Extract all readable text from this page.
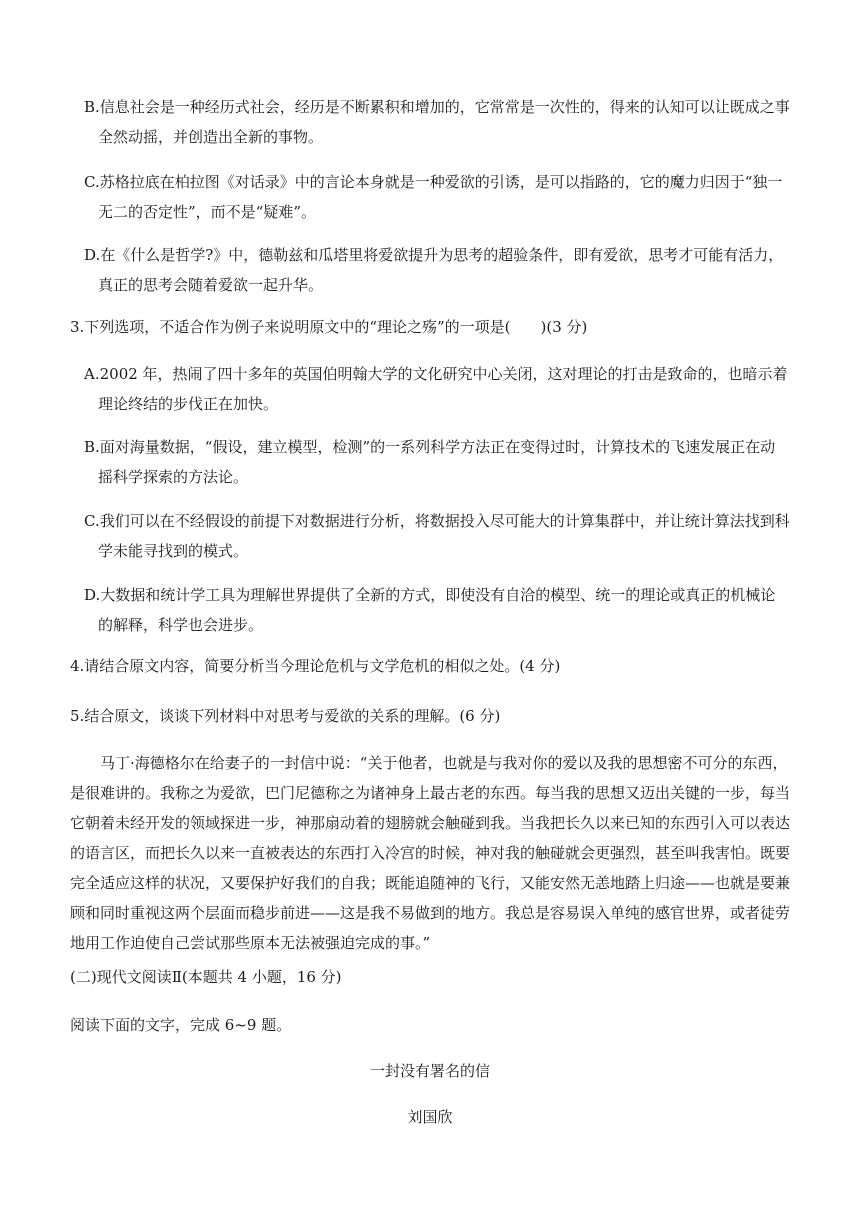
B.信息社会是一种经历式社会，经历是不断累积和增加的，它常常是一次性的，得来的认知可以让既成之事全然动摇，并创造出全新的事物。

C.苏格拉底在柏拉图《对话录》中的言论本身就是一种爱欲的引诱，是可以指路的，它的魔力归因于“独一无二的否定性”，而不是“疑难”。

D.在《什么是哲学?》中，德勒兹和瓜塔里将爱欲提升为思考的超验条件，即有爱欲，思考才可能有活力，真正的思考会随着爱欲一起升华。

3.下列选项，不适合作为例子来说明原文中的“理论之殇”的一项是(　　)(3 分)

A.2002 年，热闹了四十多年的英国伯明翰大学的文化研究中心关闭，这对理论的打击是致命的，也暗示着理论终结的步伐正在加快。

B.面对海量数据，“假设，建立模型，检测”的一系列科学方法正在变得过时，计算技术的飞速发展正在动摇科学探索的方法论。

C.我们可以在不经假设的前提下对数据进行分析，将数据投入尽可能大的计算集群中，并让统计算法找到科学未能寻找到的模式。

D.大数据和统计学工具为理解世界提供了全新的方式，即使没有自洽的模型、统一的理论或真正的机械论的解释，科学也会进步。

4.请结合原文内容，简要分析当今理论危机与文学危机的相似之处。(4 分)

5.结合原文，谈谈下列材料中对思考与爱欲的关系的理解。(6 分)

马丁·海德格尔在给妻子的一封信中说：“关于他者，也就是与我对你的爱以及我的思想密不可分的东西，是很难讲的。我称之为爱欲，巴门尼德称之为诸神身上最古老的东西。每当我的思想又迈出关键的一步，每当它朝着未经开发的领域探进一步，神那扇动着的翅膀就会触碰到我。当我把长久以来已知的东西引入可以表达的语言区，而把长久以来一直被表达的东西打入冷宫的时候，神对我的触碰就会更强烈，甚至叫我害怕。既要完全适应这样的状况，又要保护好我们的自我；既能追随神的飞行，又能安然无恙地踏上归途——也就是要兼顾和同时重视这两个层面而稳步前进——这是我不易做到的地方。我总是容易误入单纯的感官世界，或者徒劳地用工作迫使自己尝试那些原本无法被强迫完成的事。”

(二)现代文阅读Ⅱ(本题共 4 小题，16 分)

阅读下面的文字，完成 6~9 题。

一封没有署名的信

刘国欣
